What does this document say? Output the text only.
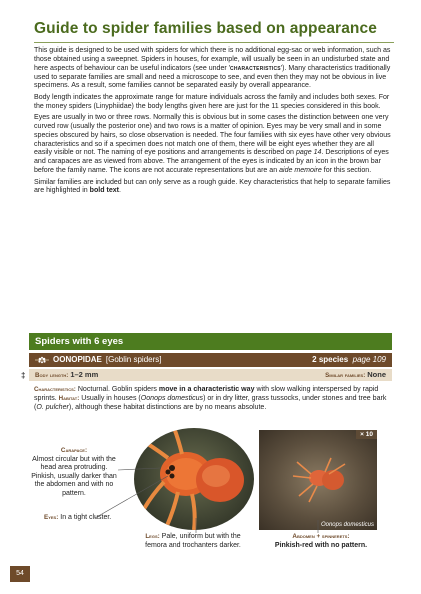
Guide to spider families based on appearance

This guide is designed to be used with spiders for which there is no additional egg-sac or web information, such as those obtained using a sweepnet. Spiders in houses, for example, will usually be seen in an undisturbed state and here aspects of behaviour can be useful indicators (see under 'characteristics'). Many characteristics traditionally used to separate families are small and need a microscope to see, and even then they may not be obvious in live specimens. As a result, some families cannot be separated easily by overall appearance.

Body length indicates the approximate range for mature individuals across the family and includes both sexes. For the money spiders (Linyphiidae) the body lengths given here are just for the 11 species considered in this book.

Eyes are usually in two or three rows. Normally this is obvious but in some cases the distinction between one very curved row (usually the posterior one) and two rows is a matter of opinion. Eyes may be very small and in some species obscured by hairs, so close observation is needed. The four families with six eyes have other very obvious characteristics and so if a specimen does not match one of them, there will be eight eyes whether they are all easily visible or not. The naming of eye positions and arrangements is described on page 14. Descriptions of eyes and carapaces are as viewed from above. The arrangement of the eyes is indicated by an icon in the brown bar before the family name. The icons are not accurate representations but are an aide memoire for this section.

Similar families are included but can only serve as a rough guide. Key characteristics that help to separate families are highlighted in bold text.

Spiders with 6 eyes
OONOPIDAE [Goblin spiders]	2 species page 109
‡	Body length: 1–2 mm	Similar families: None
Characteristics: Nocturnal. Goblin spiders move in a characteristic way with slow walking interspersed by rapid sprints. Habitat: Usually in houses (Oonops domesticus) or in dry litter, grass tussocks, under stones and tree bark (O. pulcher), although these habitat distinctions are by no means absolute.
× 10
Oonops domesticus
Carapace:
Almost circular but with the head area protruding. Pinkish, usually darker than the abdomen and with no pattern.
Eyes: In a tight cluster.
Legs: Pale, uniform but with the femora and trochanters darker.
Abdomen + spinnerets:
Pinkish-red with no pattern.
54
